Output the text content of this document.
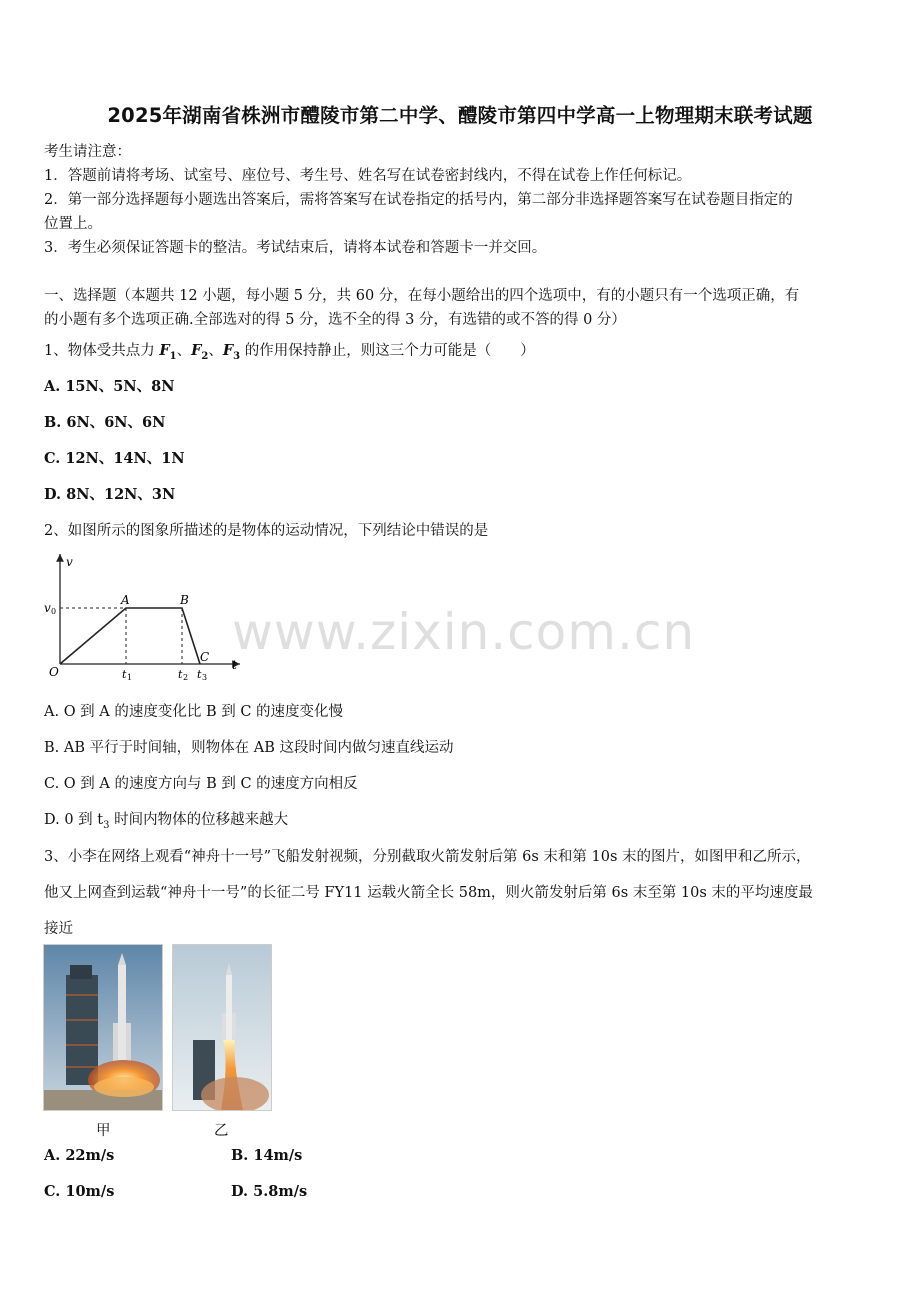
2025年湖南省株洲市醴陵市第二中学、醴陵市第四中学高一上物理期末联考试题
考生请注意：
1．答题前请将考场、试室号、座位号、考生号、姓名写在试卷密封线内，不得在试卷上作任何标记。
2．第一部分选择题每小题选出答案后，需将答案写在试卷指定的括号内，第二部分非选择题答案写在试卷题目指定的
位置上。
3．考生必须保证答题卡的整洁。考试结束后，请将本试卷和答题卡一并交回。
一、选择题（本题共 12 小题，每小题 5 分，共 60 分，在每小题给出的四个选项中，有的小题只有一个选项正确，有
的小题有多个选项正确.全部选对的得 5 分，选不全的得 3 分，有选错的或不答的得 0 分）
1、物体受共点力 $F_1$、$F_2$、$F_3$ 的作用保持静止，则这三个力可能是（　　）
A. 15N、5N、8N
B. 6N、6N、6N
C. 12N、14N、1N
D. 8N、12N、3N
2、如图所示的图象所描述的是物体的运动情况，下列结论中错误的是
v
t
O
v 0
A	B
C
t 1	t 2 t 3
www.zixin.com.cn
A. O 到 A 的速度变化比 B 到 C 的速度变化慢
B. AB 平行于时间轴，则物体在 AB 这段时间内做匀速直线运动
C. O 到 A 的速度方向与 B 到 C 的速度方向相反
D. 0 到 $t_3$ 时间内物体的位移越来越大
3、小李在网络上观看“神舟十一号”飞船发射视频，分别截取火箭发射后第 6s 末和第 10s 末的图片，如图甲和乙所示，
他又上网查到运载“神舟十一号”的长征二号 FY11 运载火箭全长 58m，则火箭发射后第 6s 末至第 10s 末的平均速度最
接近
甲	乙
A. 22m/s	B. 14m/s
C. 10m/s	D. 5.8m/s
